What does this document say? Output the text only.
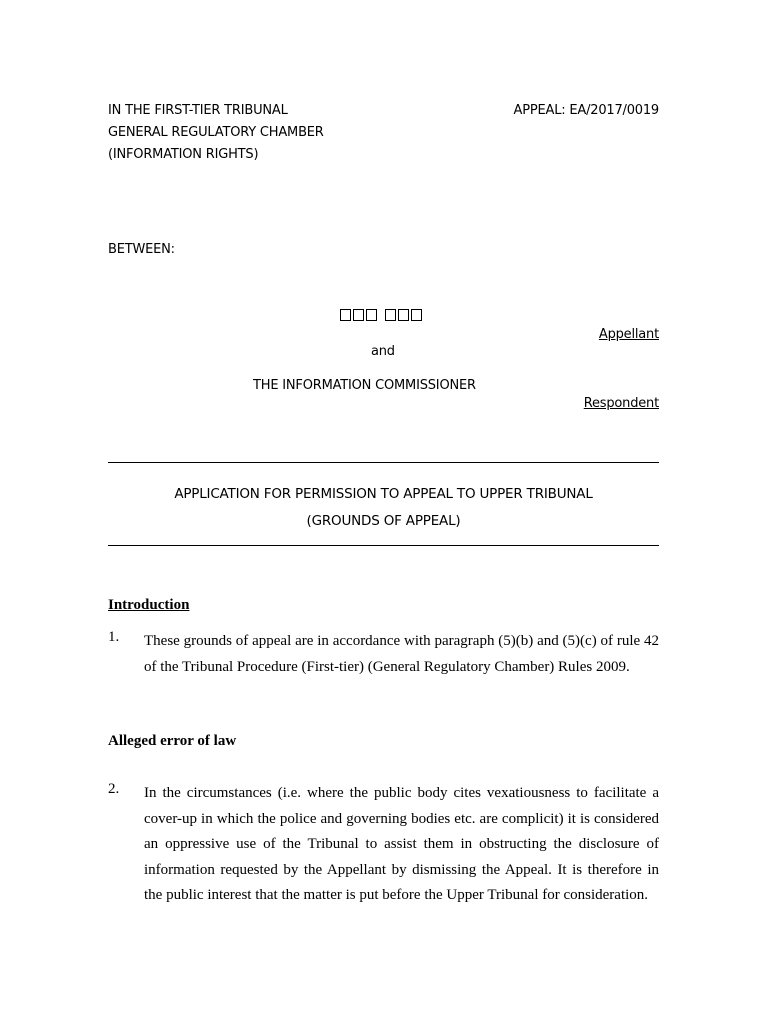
IN THE FIRST-TIER TRIBUNAL
GENERAL REGULATORY CHAMBER
(INFORMATION RIGHTS)
APPEAL: EA/2017/0019
BETWEEN:
Appellant
and
THE INFORMATION COMMISSIONER
Respondent
APPLICATION FOR PERMISSION TO APPEAL TO UPPER TRIBUNAL
(GROUNDS OF APPEAL)
Introduction
1. These grounds of appeal are in accordance with paragraph (5)(b) and (5)(c) of rule 42 of the Tribunal Procedure (First-tier) (General Regulatory Chamber) Rules 2009.
Alleged error of law
2. In the circumstances (i.e. where the public body cites vexatiousness to facilitate a cover-up in which the police and governing bodies etc. are complicit) it is considered an oppressive use of the Tribunal to assist them in obstructing the disclosure of information requested by the Appellant by dismissing the Appeal. It is therefore in the public interest that the matter is put before the Upper Tribunal for consideration.
